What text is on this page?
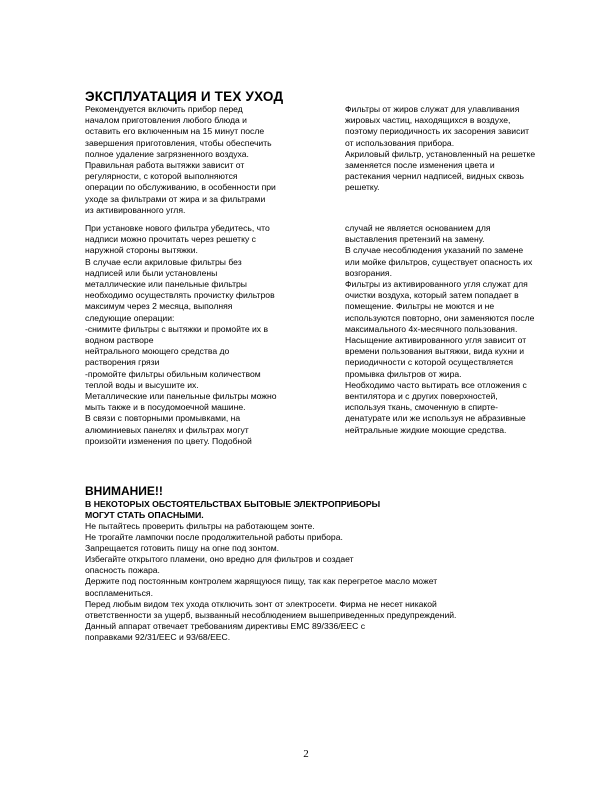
ЭКСПЛУАТАЦИЯ И ТЕХ УХОД
Рекомендуется включить прибор перед
началом приготовления любого блюда и
оставить его включенным на 15 минут после
завершения приготовления, чтобы обеспечить
полное удаление загрязненного воздуха.
Правильная работа вытяжки зависит от
регулярности, с которой выполняются
операции по обслуживанию, в особенности при
уходе за фильтрами от жира и за фильтрами
из активированного угля.
При установке нового фильтра убедитесь, что
надписи можно прочитать через решетку с
наружной стороны вытяжки.
В случае если акриловые фильтры без
надписей или были установлены
металлические или панельные фильтры
необходимо осуществлять прочистку фильтров
максимум через 2 месяца, выполняя
следующие операции:
-снимите фильтры с вытяжки и промойте их в
водном растворе
нейтрального моющего средства до
растворения грязи
-промойте фильтры обильным количеством
теплой воды и высушите их.
Металлические или панельные фильтры можно
мыть также и в посудомоечной машине.
В связи с повторными промывками, на
алюминиевых панелях и фильтрах могут
произойти изменения по цвету. Подобной
Фильтры от жиров служат для улавливания
жировых частиц, находящихся в воздухе,
поэтому периодичность их засорения зависит
от использования прибора.
Акриловый фильтр, установленный на решетке
заменяется после изменения цвета и
растекания чернил надписей, видных сквозь
решетку.
случай не является основанием для
выставления претензий на замену.
В случае несоблюдения указаний по замене
или мойке фильтров, существует опасность их
возгорания.
Фильтры из активированного угля служат для
очистки воздуха, который затем попадает в
помещение. Фильтры не моются и не
используются повторно, они заменяются после
максимального 4х-месячного пользования.
Насыщение активированного угля зависит от
времени пользования вытяжки, вида кухни и
периодичности с которой осуществляется
промывка фильтров от жира.
Необходимо часто вытирать все отложения с
вентилятора и с других поверхностей,
используя ткань, смоченную в спирте-
денатурате или же используя не абразивные
нейтральные жидкие моющие средства.
ВНИМАНИЕ!!
В НЕКОТОРЫХ ОБСТОЯТЕЛЬСТВАХ БЫТОВЫЕ ЭЛЕКТРОПРИБОРЫ
МОГУТ СТАТЬ ОПАСНЫМИ.
Не пытайтесь проверить фильтры на работающем зонте.
Не трогайте лампочки после продолжительной работы прибора.
Запрещается готовить пищу на огне под зонтом.
Избегайте открытого пламени, оно вредно для фильтров и создает
опасность пожара.
Держите под постоянным контролем жарящуюся пищу, так как перегретое масло может
воспламениться.
Перед любым видом тех ухода отключить зонт от электросети. Фирма не несет никакой
ответственности за ущерб, вызванный несоблюдением вышеприведенных предупреждений.
Данный аппарат отвечает требованиям директивы EMC 89/336/EEC с
поправками 92/31/EEC и 93/68/EEC.
2
